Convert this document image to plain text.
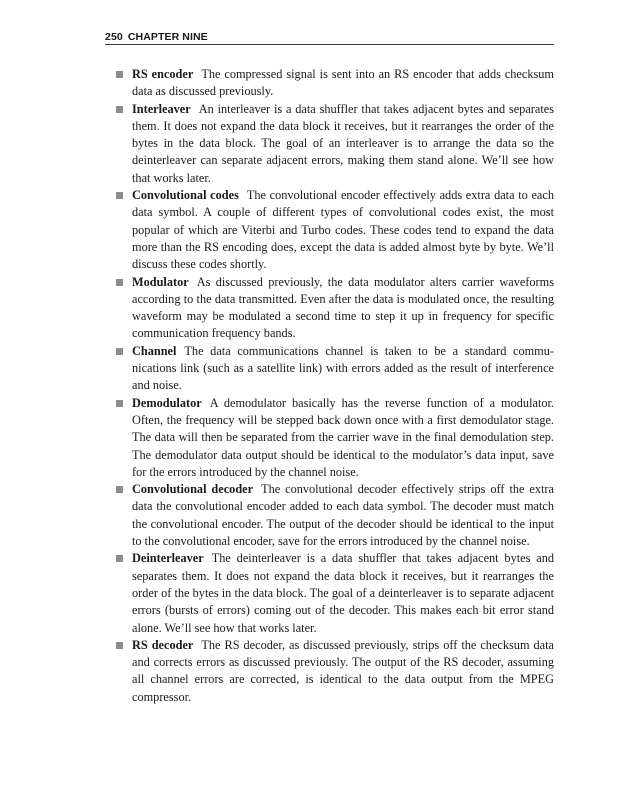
250 CHAPTER NINE
RS encoder The compressed signal is sent into an RS encoder that adds checksum data as discussed previously.
Interleaver An interleaver is a data shuffler that takes adjacent bytes and separates them. It does not expand the data block it receives, but it rearranges the order of the bytes in the data block. The goal of an interleaver is to arrange the data so the deinterleaver can separate adjacent errors, making them stand alone. We’ll see how that works later.
Convolutional codes The convolutional encoder effectively adds extra data to each data symbol. A couple of different types of convolutional codes exist, the most popular of which are Viterbi and Turbo codes. These codes tend to expand the data more than the RS encoding does, except the data is added almost byte by byte. We’ll discuss these codes shortly.
Modulator As discussed previously, the data modulator alters carrier waveforms according to the data transmitted. Even after the data is modulated once, the resulting waveform may be modulated a second time to step it up in frequency for specific communication frequency bands.
Channel The data communications channel is taken to be a standard communications link (such as a satellite link) with errors added as the result of interference and noise.
Demodulator A demodulator basically has the reverse function of a modulator. Often, the frequency will be stepped back down once with a first demodulator stage. The data will then be separated from the carrier wave in the final demodulation step. The demodulator data output should be identical to the modulator’s data input, save for the errors introduced by the channel noise.
Convolutional decoder The convolutional decoder effectively strips off the extra data the convolutional encoder added to each data symbol. The decoder must match the convolutional encoder. The output of the decoder should be identical to the input to the convolutional encoder, save for the errors introduced by the channel noise.
Deinterleaver The deinterleaver is a data shuffler that takes adjacent bytes and separates them. It does not expand the data block it receives, but it rearranges the order of the bytes in the data block. The goal of a deinterleaver is to separate adjacent errors (bursts of errors) coming out of the decoder. This makes each bit error stand alone. We’ll see how that works later.
RS decoder The RS decoder, as discussed previously, strips off the checksum data and corrects errors as discussed previously. The output of the RS decoder, assuming all channel errors are corrected, is identical to the data output from the MPEG compressor.
